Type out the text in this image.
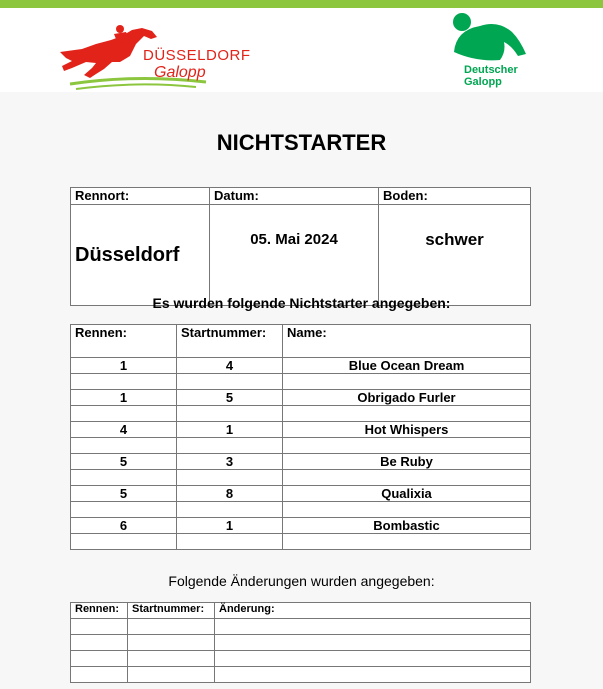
DÜSSELDORF
Galopp	Deutscher
Galopp
NICHTSTARTER
Rennort:	Datum:	Boden:
Düsseldorf	05. Mai 2024	schwer
Es wurden folgende Nichtstarter angegeben:
Rennen:	Startnummer:	Name:
1	4	Blue Ocean Dream

1	5	Obrigado Furler

4	1	Hot Whispers

5	3	Be Ruby

5	8	Qualixia

6	1	Bombastic

Folgende Änderungen wurden angegeben:
Rennen:	Startnummer:	Änderung:
